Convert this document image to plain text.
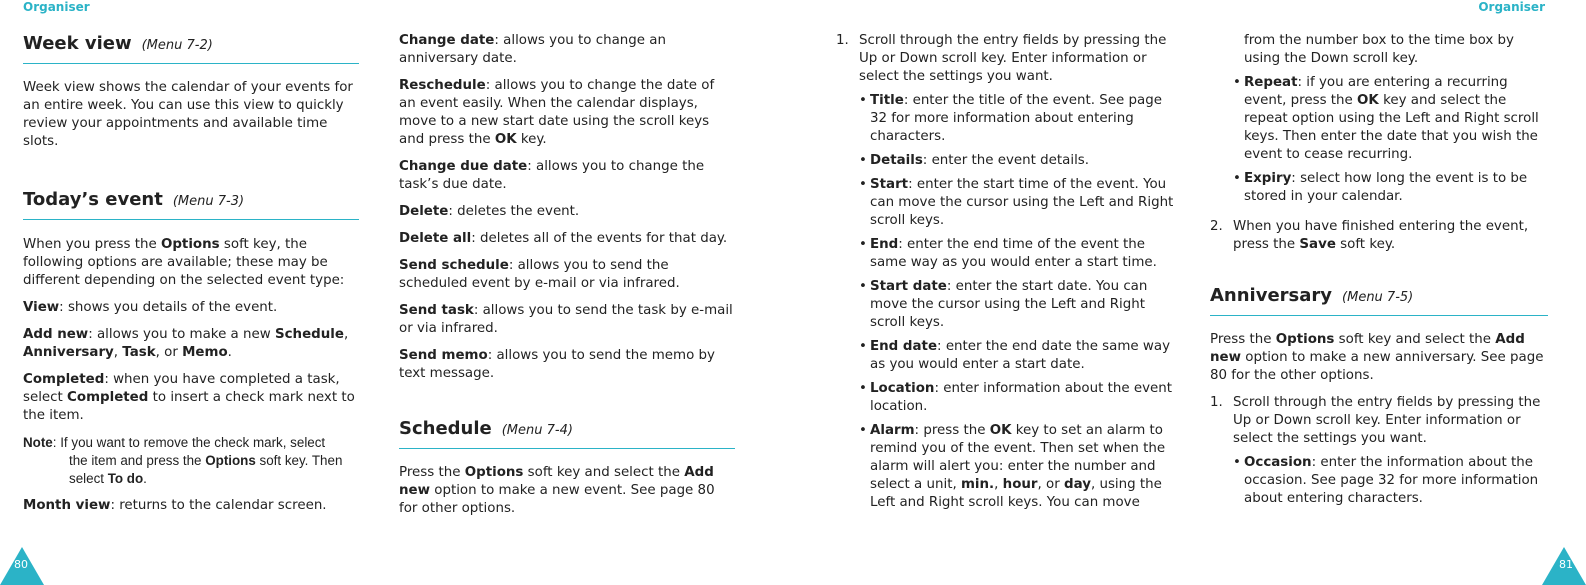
Organiser	Organiser
Week view (Menu 7-2)

Week view shows the calendar of your events for an entire week. You can use this view to quickly review your appointments and available time slots.

Today’s event (Menu 7-3)

When you press the Options soft key, the following options are available; these may be different depending on the selected event type:

View: shows you details of the event.

Add new: allows you to make a new Schedule, Anniversary, Task, or Memo.

Completed: when you have completed a task, select Completed to insert a check mark next to the item.

Note: If you want to remove the check mark, select
the item and press the Options soft key. Then select To do.

Month view: returns to the calendar screen.

Change date: allows you to change an anniversary date.

Reschedule: allows you to change the date of an event easily. When the calendar displays, move to a new start date using the scroll keys and press the OK key.

Change due date: allows you to change the task’s due date.

Delete: deletes the event.

Delete all: deletes all of the events for that day.

Send schedule: allows you to send the scheduled event by e-mail or via infrared.

Send task: allows you to send the task by e-mail or via infrared.

Send memo: allows you to send the memo by text message.

Schedule (Menu 7-4)

Press the Options soft key and select the Add new option to make a new event. See page 80 for other options.

1. Scroll through the entry fields by pressing the Up or Down scroll key. Enter information or select the settings you want.
• Title: enter the title of the event. See page 32 for more information about entering characters.
• Details: enter the event details.
• Start: enter the start time of the event. You can move the cursor using the Left and Right scroll keys.
• End: enter the end time of the event the same way as you would enter a start time.
• Start date: enter the start date. You can move the cursor using the Left and Right scroll keys.
• End date: enter the end date the same way as you would enter a start date.
• Location: enter information about the event location.
• Alarm: press the OK key to set an alarm to remind you of the event. Then set when the alarm will alert you: enter the number and select a unit, min., hour, or day, using the Left and Right scroll keys. You can move
from the number box to the time box by using the Down scroll key.
• Repeat: if you are entering a recurring event, press the OK key and select the repeat option using the Left and Right scroll keys. Then enter the date that you wish the event to cease recurring.
• Expiry: select how long the event is to be stored in your calendar.
2. When you have finished entering the event, press the Save soft key.
Anniversary (Menu 7-5)

Press the Options soft key and select the Add new option to make a new anniversary. See page 80 for the other options.

1. Scroll through the entry fields by pressing the Up or Down scroll key. Enter information or select the settings you want.
• Occasion: enter the information about the occasion. See page 32 for more information about entering characters.
80	81
